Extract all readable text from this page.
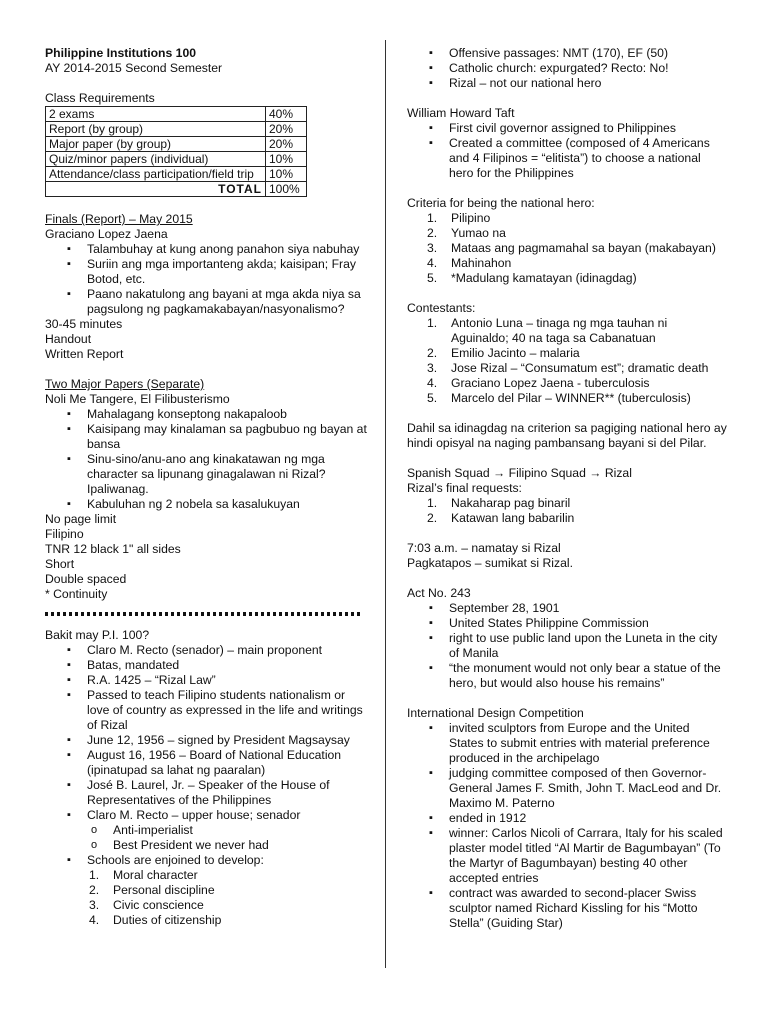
Philippine Institutions 100
AY 2014-2015 Second Semester
Class Requirements
2 exams	40%
Report (by group)	20%
Major paper (by group)	20%
Quiz/minor papers (individual)	10%
Attendance/class participation/field trip	10%
TOTAL	100%
Finals (Report) – May 2015
Graciano Lopez Jaena
▪ Talambuhay at kung anong panahon siya nabuhay
▪ Suriin ang mga importanteng akda; kaisipan; Fray Botod, etc.
▪ Paano nakatulong ang bayani at mga akda niya sa pagsulong ng pagkamakabayan/nasyonalismo?
30-45 minutes
Handout
Written Report
Two Major Papers (Separate)
Noli Me Tangere, El Filibusterismo
▪ Mahalagang konseptong nakapaloob
▪ Kaisipang may kinalaman sa pagbubuo ng bayan at bansa
▪ Sinu-sino/anu-ano ang kinakatawan ng mga character sa lipunang ginagalawan ni Rizal? Ipaliwanag.
▪ Kabuluhan ng 2 nobela sa kasalukuyan
No page limit
Filipino
TNR 12 black 1" all sides
Short
Double spaced
* Continuity
Bakit may P.I. 100?
▪ Claro M. Recto (senador) – main proponent
▪ Batas, mandated
▪ R.A. 1425 – “Rizal Law”
▪ Passed to teach Filipino students nationalism or love of country as expressed in the life and writings of Rizal
▪ June 12, 1956 – signed by President Magsaysay
▪ August 16, 1956 – Board of National Education (ipinatupad sa lahat ng paaralan)
▪ José B. Laurel, Jr. – Speaker of the House of Representatives of the Philippines
▪ Claro M. Recto – upper house; senador
o Anti-imperialist
o Best President we never had
▪ Schools are enjoined to develop:
1. Moral character
2. Personal discipline
3. Civic conscience
4. Duties of citizenship
▪ Offensive passages: NMT (170), EF (50)
▪ Catholic church: expurgated? Recto: No!
▪ Rizal – not our national hero
William Howard Taft
▪ First civil governor assigned to Philippines
▪ Created a committee (composed of 4 Americans and 4 Filipinos = “elitista”) to choose a national hero for the Philippines
Criteria for being the national hero:
1. Pilipino
2. Yumao na
3. Mataas ang pagmamahal sa bayan (makabayan)
4. Mahinahon
5. *Madulang kamatayan (idinagdag)
Contestants:
1. Antonio Luna – tinaga ng mga tauhan ni Aguinaldo; 40 na taga sa Cabanatuan
2. Emilio Jacinto – malaria
3. Jose Rizal – “Consumatum est”; dramatic death
4. Graciano Lopez Jaena - tuberculosis
5. Marcelo del Pilar – WINNER** (tuberculosis)
Dahil sa idinagdag na criterion sa pagiging national hero ay hindi opisyal na naging pambansang bayani si del Pilar.
Spanish Squad → Filipino Squad → Rizal
Rizal’s final requests:
1. Nakaharap pag binaril
2. Katawan lang babarilin
7:03 a.m. – namatay si Rizal
Pagkatapos – sumikat si Rizal.
Act No. 243
▪ September 28, 1901
▪ United States Philippine Commission
▪ right to use public land upon the Luneta in the city of Manila
▪ “the monument would not only bear a statue of the hero, but would also house his remains”
International Design Competition
▪ invited sculptors from Europe and the United States to submit entries with material preference produced in the archipelago
▪ judging committee composed of then Governor-General James F. Smith, John T. MacLeod and Dr. Maximo M. Paterno
▪ ended in 1912
▪ winner: Carlos Nicoli of Carrara, Italy for his scaled plaster model titled “Al Martir de Bagumbayan” (To the Martyr of Bagumbayan) besting 40 other accepted entries
▪ contract was awarded to second-placer Swiss sculptor named Richard Kissling for his “Motto Stella” (Guiding Star)
